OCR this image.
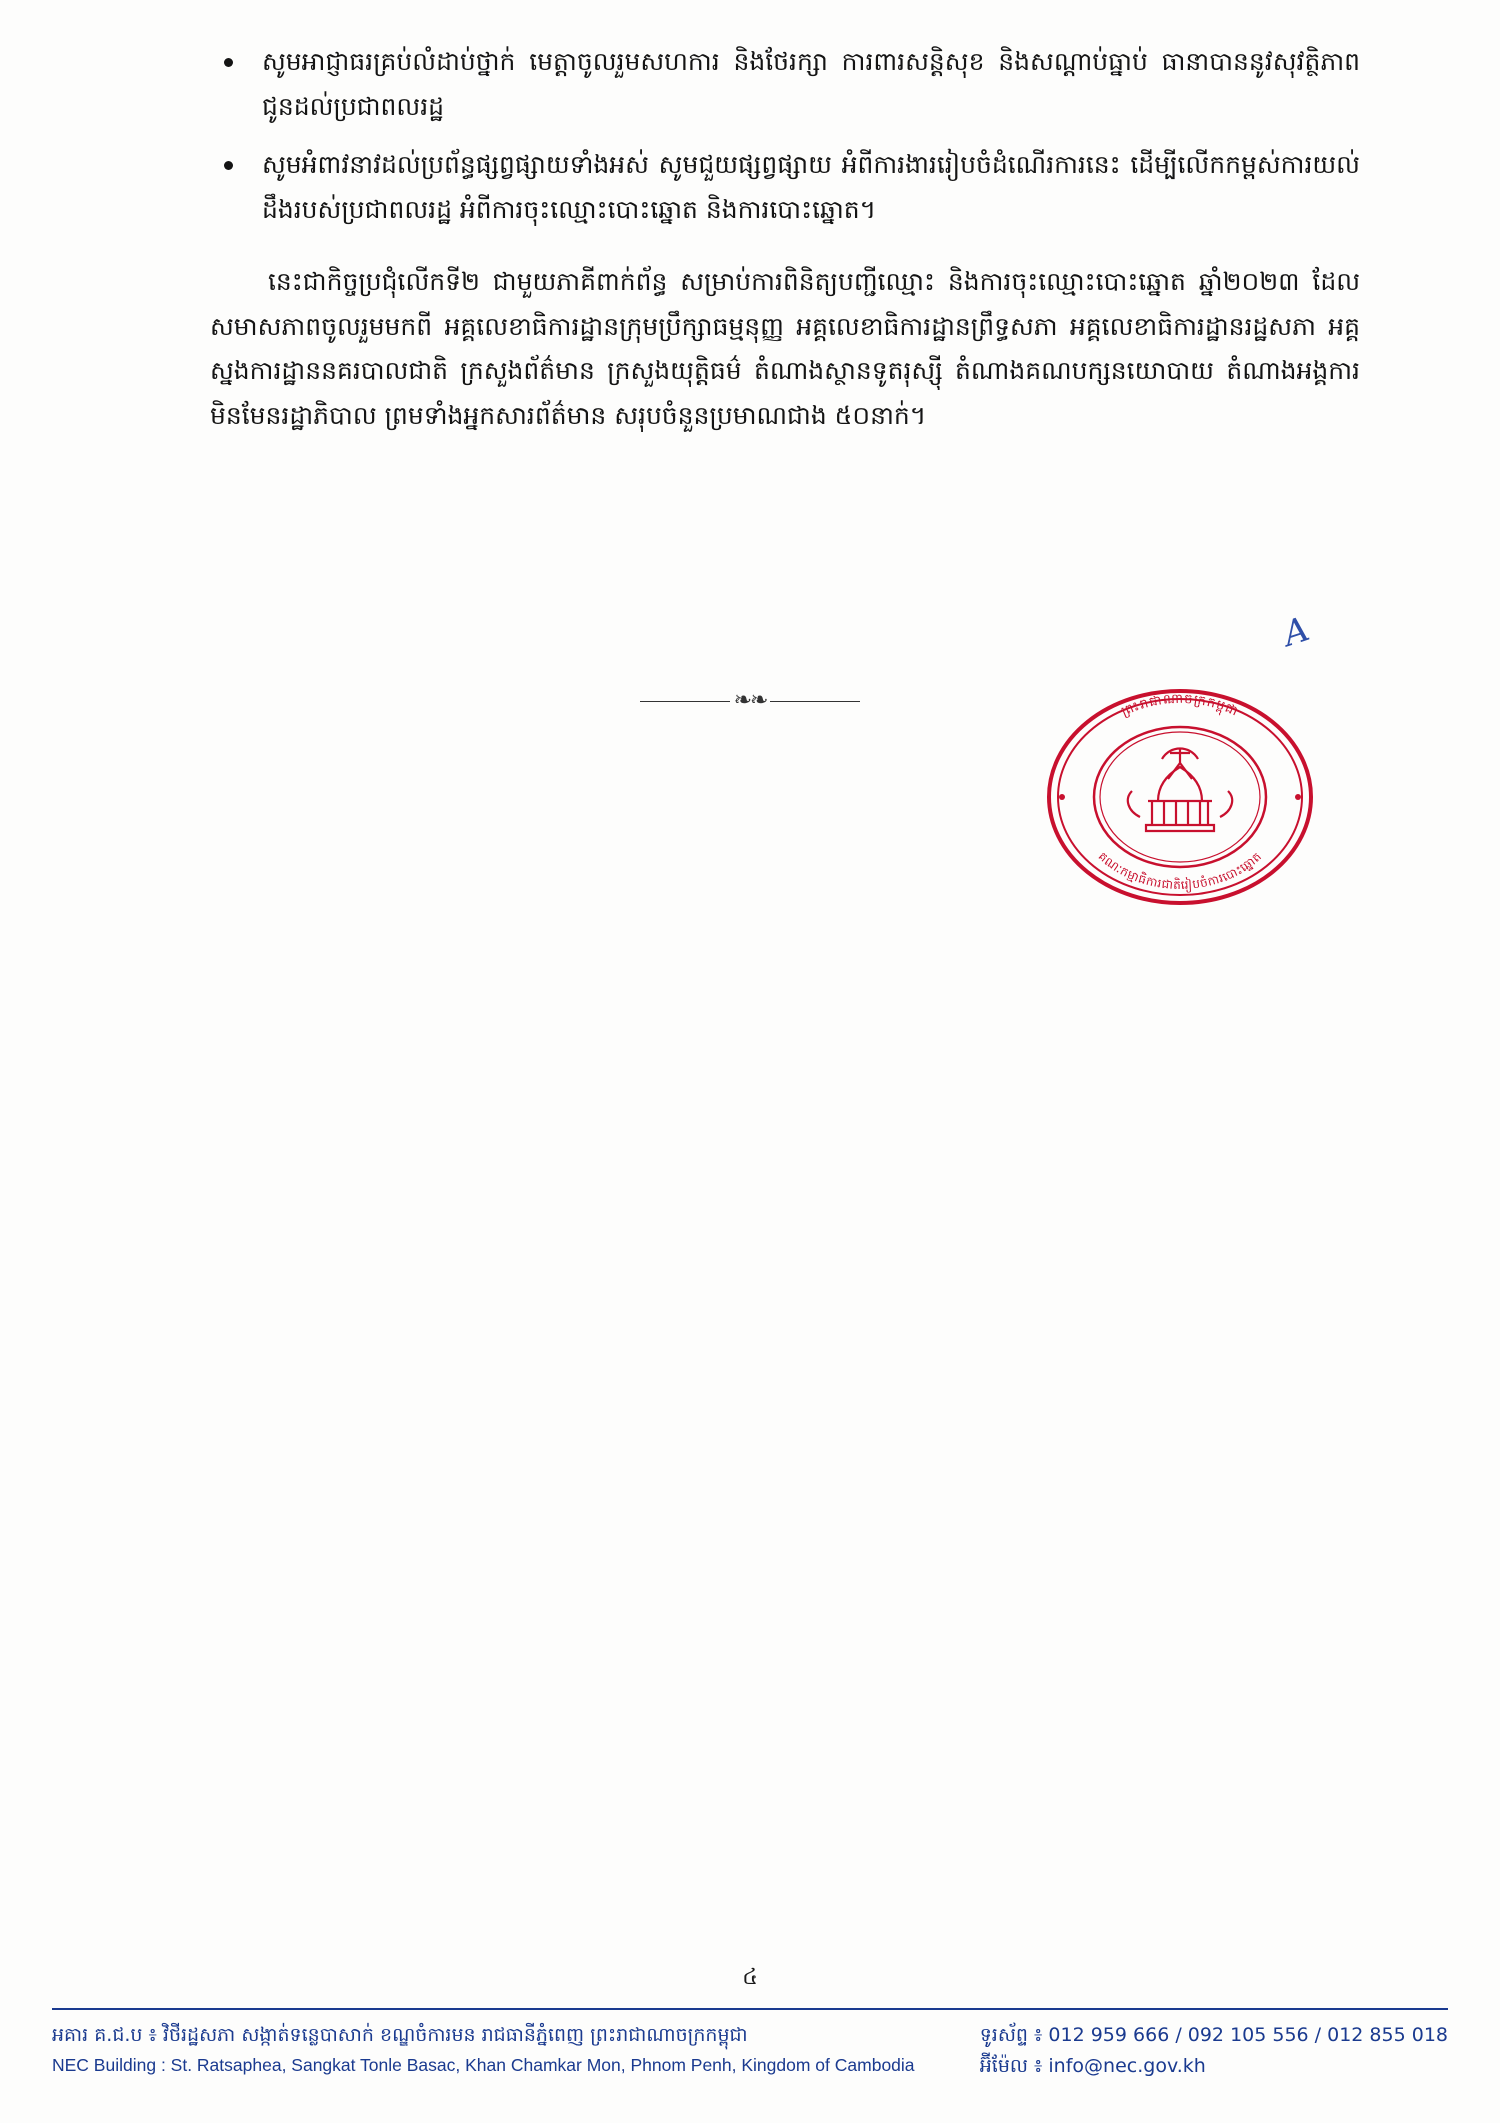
សូមអាជ្ញាធរគ្រប់លំដាប់ថ្នាក់ មេត្តាចូលរួមសហការ និងថែរក្សា ការពារសន្តិសុខ និងសណ្ដាប់ធ្នាប់ ធានាបាននូវសុវត្ថិភាពជូនដល់ប្រជាពលរដ្ឋ
សូមអំពាវនាវដល់ប្រព័ន្ធផ្សព្វផ្សាយទាំងអស់ សូមជួយផ្សព្វផ្សាយ អំពីការងាររៀបចំដំណើរការនេះ ដើម្បីលើកកម្ពស់ការយល់ដឹងរបស់ប្រជាពលរដ្ឋ អំពីការចុះឈ្មោះបោះឆ្នោត និងការបោះឆ្នោត។

នេះជាកិច្ចប្រជុំលើកទី២ ជាមួយភាគីពាក់ព័ន្ធ សម្រាប់ការពិនិត្យបញ្ជីឈ្មោះ និងការចុះឈ្មោះបោះឆ្នោត ឆ្នាំ២០២៣ ដែលសមាសភាពចូលរួមមកពី អគ្គលេខាធិការដ្ឋានក្រុមប្រឹក្សាធម្មនុញ្ញ អគ្គលេខាធិការដ្ឋានព្រឹទ្ធសភា អគ្គលេខាធិការដ្ឋានរដ្ឋសភា អគ្គស្នងការដ្ឋាននគរបាលជាតិ ក្រសួងព័ត៌មាន ក្រសួងយុត្តិធម៌ តំណាងស្ថានទូតរុស្ស៊ី តំណាងគណបក្សនយោបាយ តំណាងអង្គការមិនមែនរដ្ឋាភិបាល ព្រមទាំងអ្នកសារព័ត៌មាន សរុបចំនួនប្រមាណជាង ៥០នាក់។

❧❧
A
ព្រះរាជាណាចក្រកម្ពុជា
គណៈកម្មាធិការជាតិរៀបចំការបោះឆ្នោត
៤
អគារ គ.ជ.ប ៖ វិថីរដ្ឋសភា សង្កាត់ទន្លេបាសាក់ ខណ្ឌចំការមន រាជធានីភ្នំពេញ ព្រះរាជាណាចក្រកម្ពុជា
NEC Building : St. Ratsaphea, Sangkat Tonle Basac, Khan Chamkar Mon, Phnom Penh, Kingdom of Cambodia
ទូរស័ព្ទ ៖ 012 959 666 / 092 105 556 / 012 855 018
អ៊ីម៉ែល ៖ info@nec.gov.kh
